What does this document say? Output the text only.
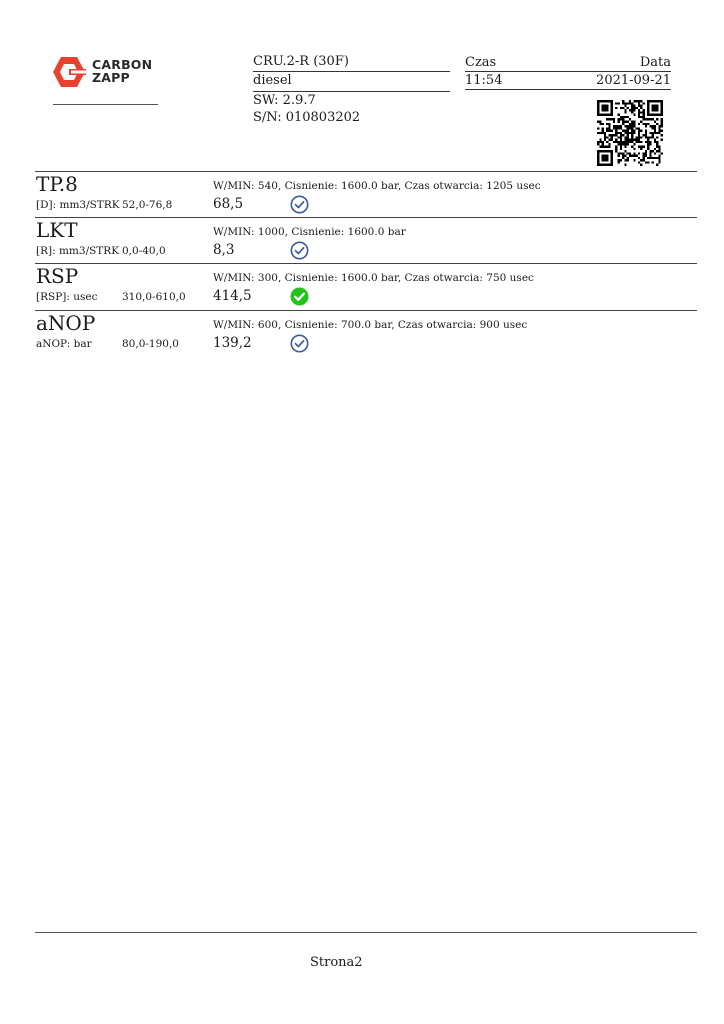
CARBON
ZAPP
CRU.2-R (30F)
diesel
SW: 2.9.7
S/N: 010803202
Czas	Data
11:54	2021-09-21
TP.8
[D]: mm3/STRK 52,0-76,8
W/MIN: 540, Cisnienie: 1600.0 bar, Czas otwarcia: 1205 usec
68,5
LKT
[R]: mm3/STRK 0,0-40,0
W/MIN: 1000, Cisnienie: 1600.0 bar
8,3
RSP
[RSP]: usec 310,0-610,0
W/MIN: 300, Cisnienie: 1600.0 bar, Czas otwarcia: 750 usec
414,5
aNOP
aNOP: bar	80,0-190,0
W/MIN: 600, Cisnienie: 700.0 bar, Czas otwarcia: 900 usec
139,2
Strona2
